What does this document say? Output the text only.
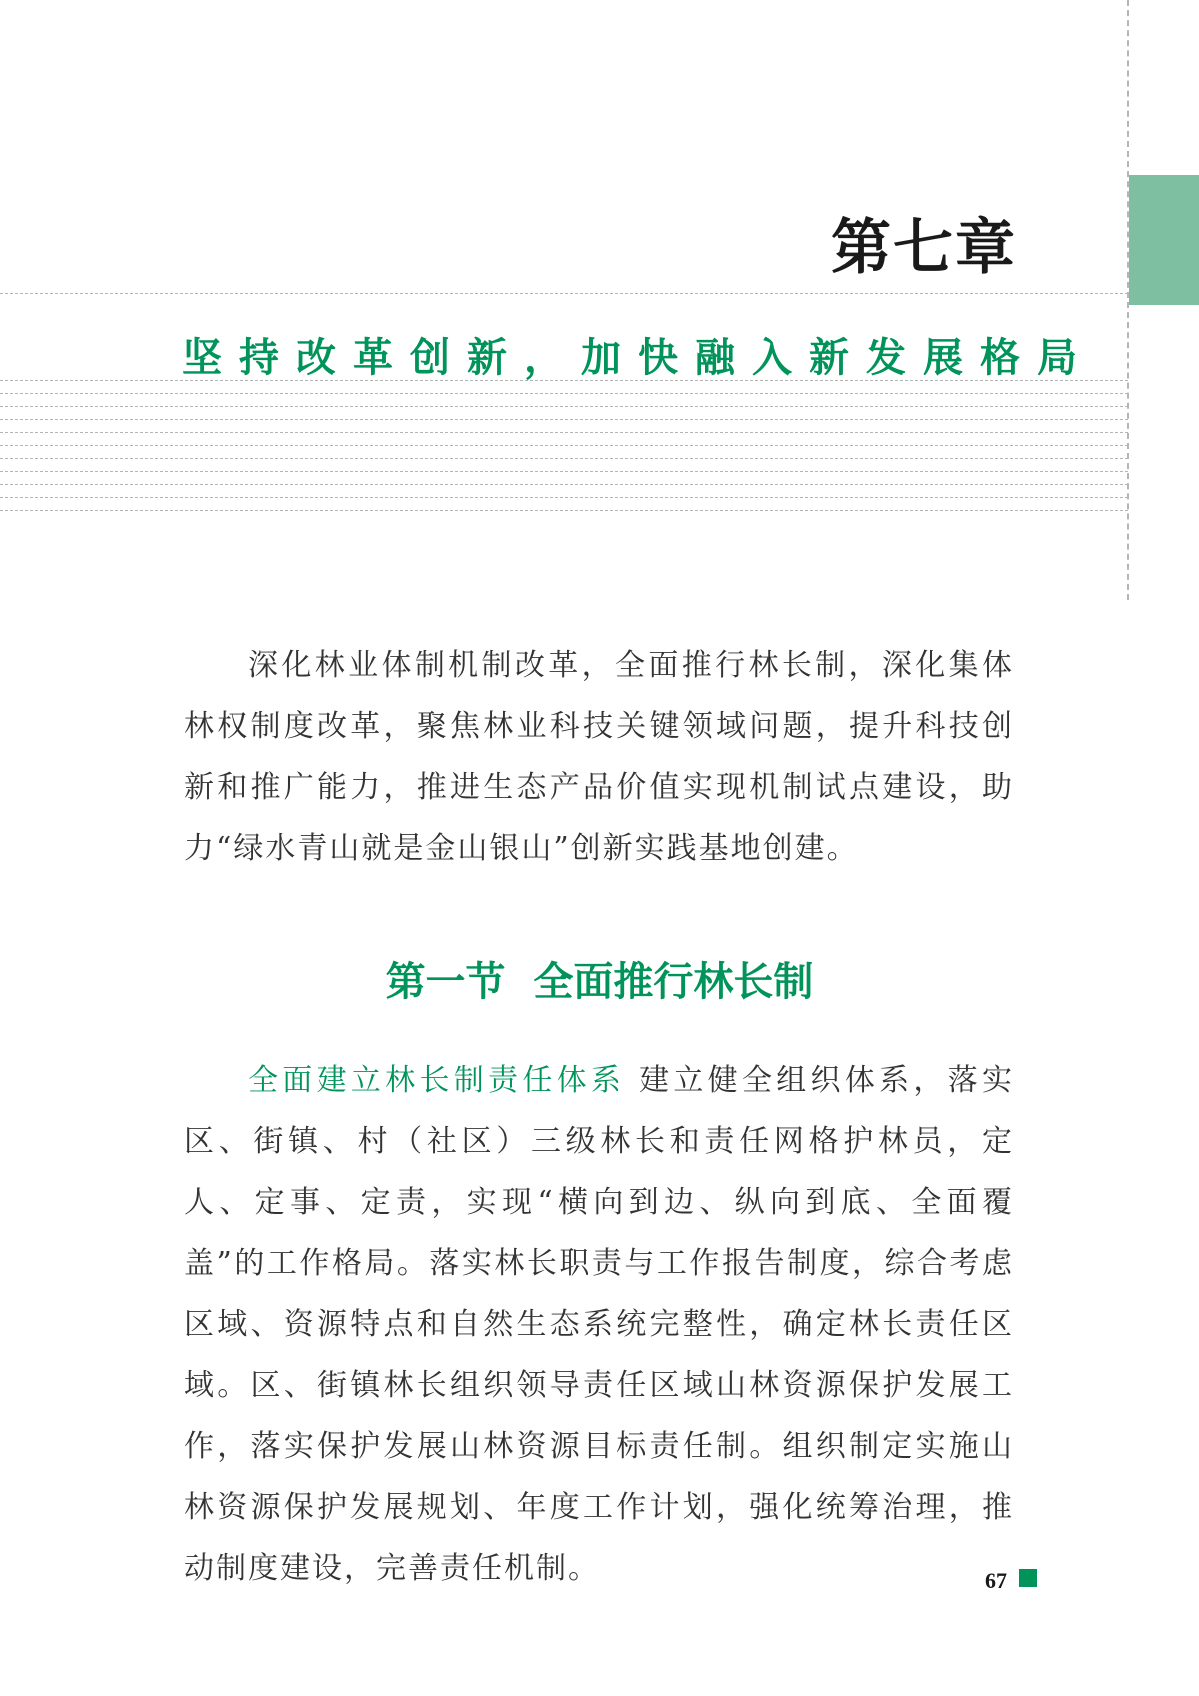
第七章
坚持改革创新，加快融入新发展格局

深化林业体制机制改革，全面推行林长制，深化集体林权制度改革，聚焦林业科技关键领域问题，提升科技创新和推广能力，推进生态产品价值实现机制试点建设，助力“绿水青山就是金山银山”创新实践基地创建。

第一节 全面推行林长制

全面建立林长制责任体系 建立健全组织体系，落实区、街镇、村（社区）三级林长和责任网格护林员，定人、定事、定责，实现“横向到边、纵向到底、全面覆盖”的工作格局。落实林长职责与工作报告制度，综合考虑区域、资源特点和自然生态系统完整性，确定林长责任区域。区、街镇林长组织领导责任区域山林资源保护发展工作，落实保护发展山林资源目标责任制。组织制定实施山林资源保护发展规划、年度工作计划，强化统筹治理，推动制度建设，完善责任机制。	67
